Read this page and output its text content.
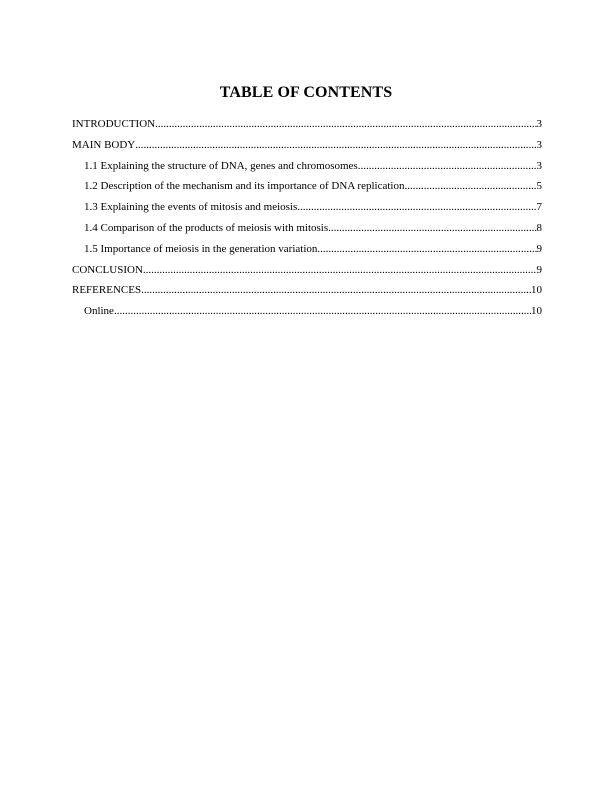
TABLE OF CONTENTS
INTRODUCTION .....	3
MAIN BODY .....	3
1.1 Explaining the structure of DNA, genes and chromosomes .....	3
1.2 Description of the mechanism and its importance of DNA replication .....	5
1.3 Explaining the events of mitosis and meiosis .....	7
1.4 Comparison of the products of meiosis with mitosis .....	8
1.5 Importance of meiosis in the generation variation .....	9
CONCLUSION .....	9
REFERENCES .....	10
Online .....	10
